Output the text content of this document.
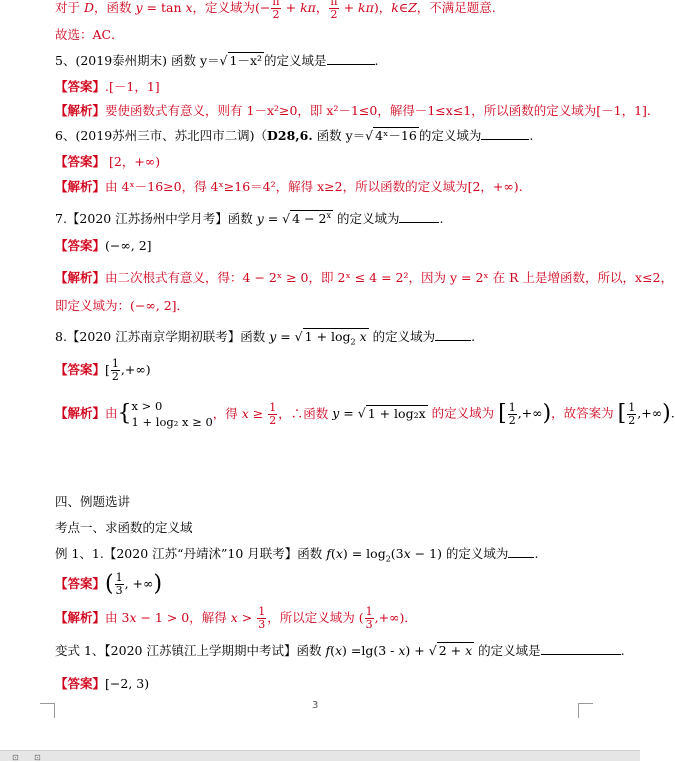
对于 D，函数 y = tan x，定义域为(− $\frac{\pi}{2} + k\pi$， $\frac{\pi}{2} + k\pi$)，k∈Z，不满足题意.
故选：AC．
5、(2019泰州期末) 函数 y＝√ 1－x² 的定义域是	.
【答案】.[－1，1]
【解析】要使函数式有意义，则有 1－x²≥0，即 x²－1≤0，解得－1≤x≤1，所以函数的定义域为[－1，1].
6、(2019苏州三市、苏北四市二调)（D28,6. 函数 y＝√ 4ˣ－16 的定义域为	.
【答案】 [2，+∞)
【解析】由 4ˣ－16≥0，得 4ˣ≥16＝4²，解得 x≥2，所以函数的定义域为[2，+∞).
7.【2020 江苏扬州中学月考】函数 y = √ $4 - 2^x$ 的定义域为	.
【答案】(−∞, 2]
【解析】由二次根式有意义，得：4 − 2ˣ ≥ 0，即 2ˣ ≤ 4 = 2²，因为 y = 2ˣ 在 R 上是增函数，所以，x≤2，
即定义域为：(−∞, 2]．
8.【2020 江苏南京学期初联考】函数 y = √ $1 + \log_2 x$ 的定义域为	.
【答案】[ $\frac{1}{2}$ ,+∞)
【解析】由{ x > 0
1 + log₂ x ≥ 0
，得 $x \ge \frac{1}{2}$ ，∴函数 y = √ 1 + log₂x 的定义域为 [ $\frac{1}{2}$ ,+∞)，故答案为 [ $\frac{1}{2}$ ,+∞).
四、例题选讲
考点一、求函数的定义域
例 1、1.【2020 江苏“丹靖沭”10 月联考】函数 $f(x) = \log_2(3x - 1)$ 的定义域为 .
【答案】( $\frac{1}{3}$ , +∞)
【解析】由 3x − 1 > 0，解得 $x > \frac{1}{3}$ ，所以定义域为 ( $\frac{1}{3}$ ,+∞)．
变式 1、【2020 江苏镇江上学期期中考试】函数 f(x) =lg(3 - x) + √ 2 + x 的定义域是	.
【答案】[−2, 3)
3
⊡ ⊡
